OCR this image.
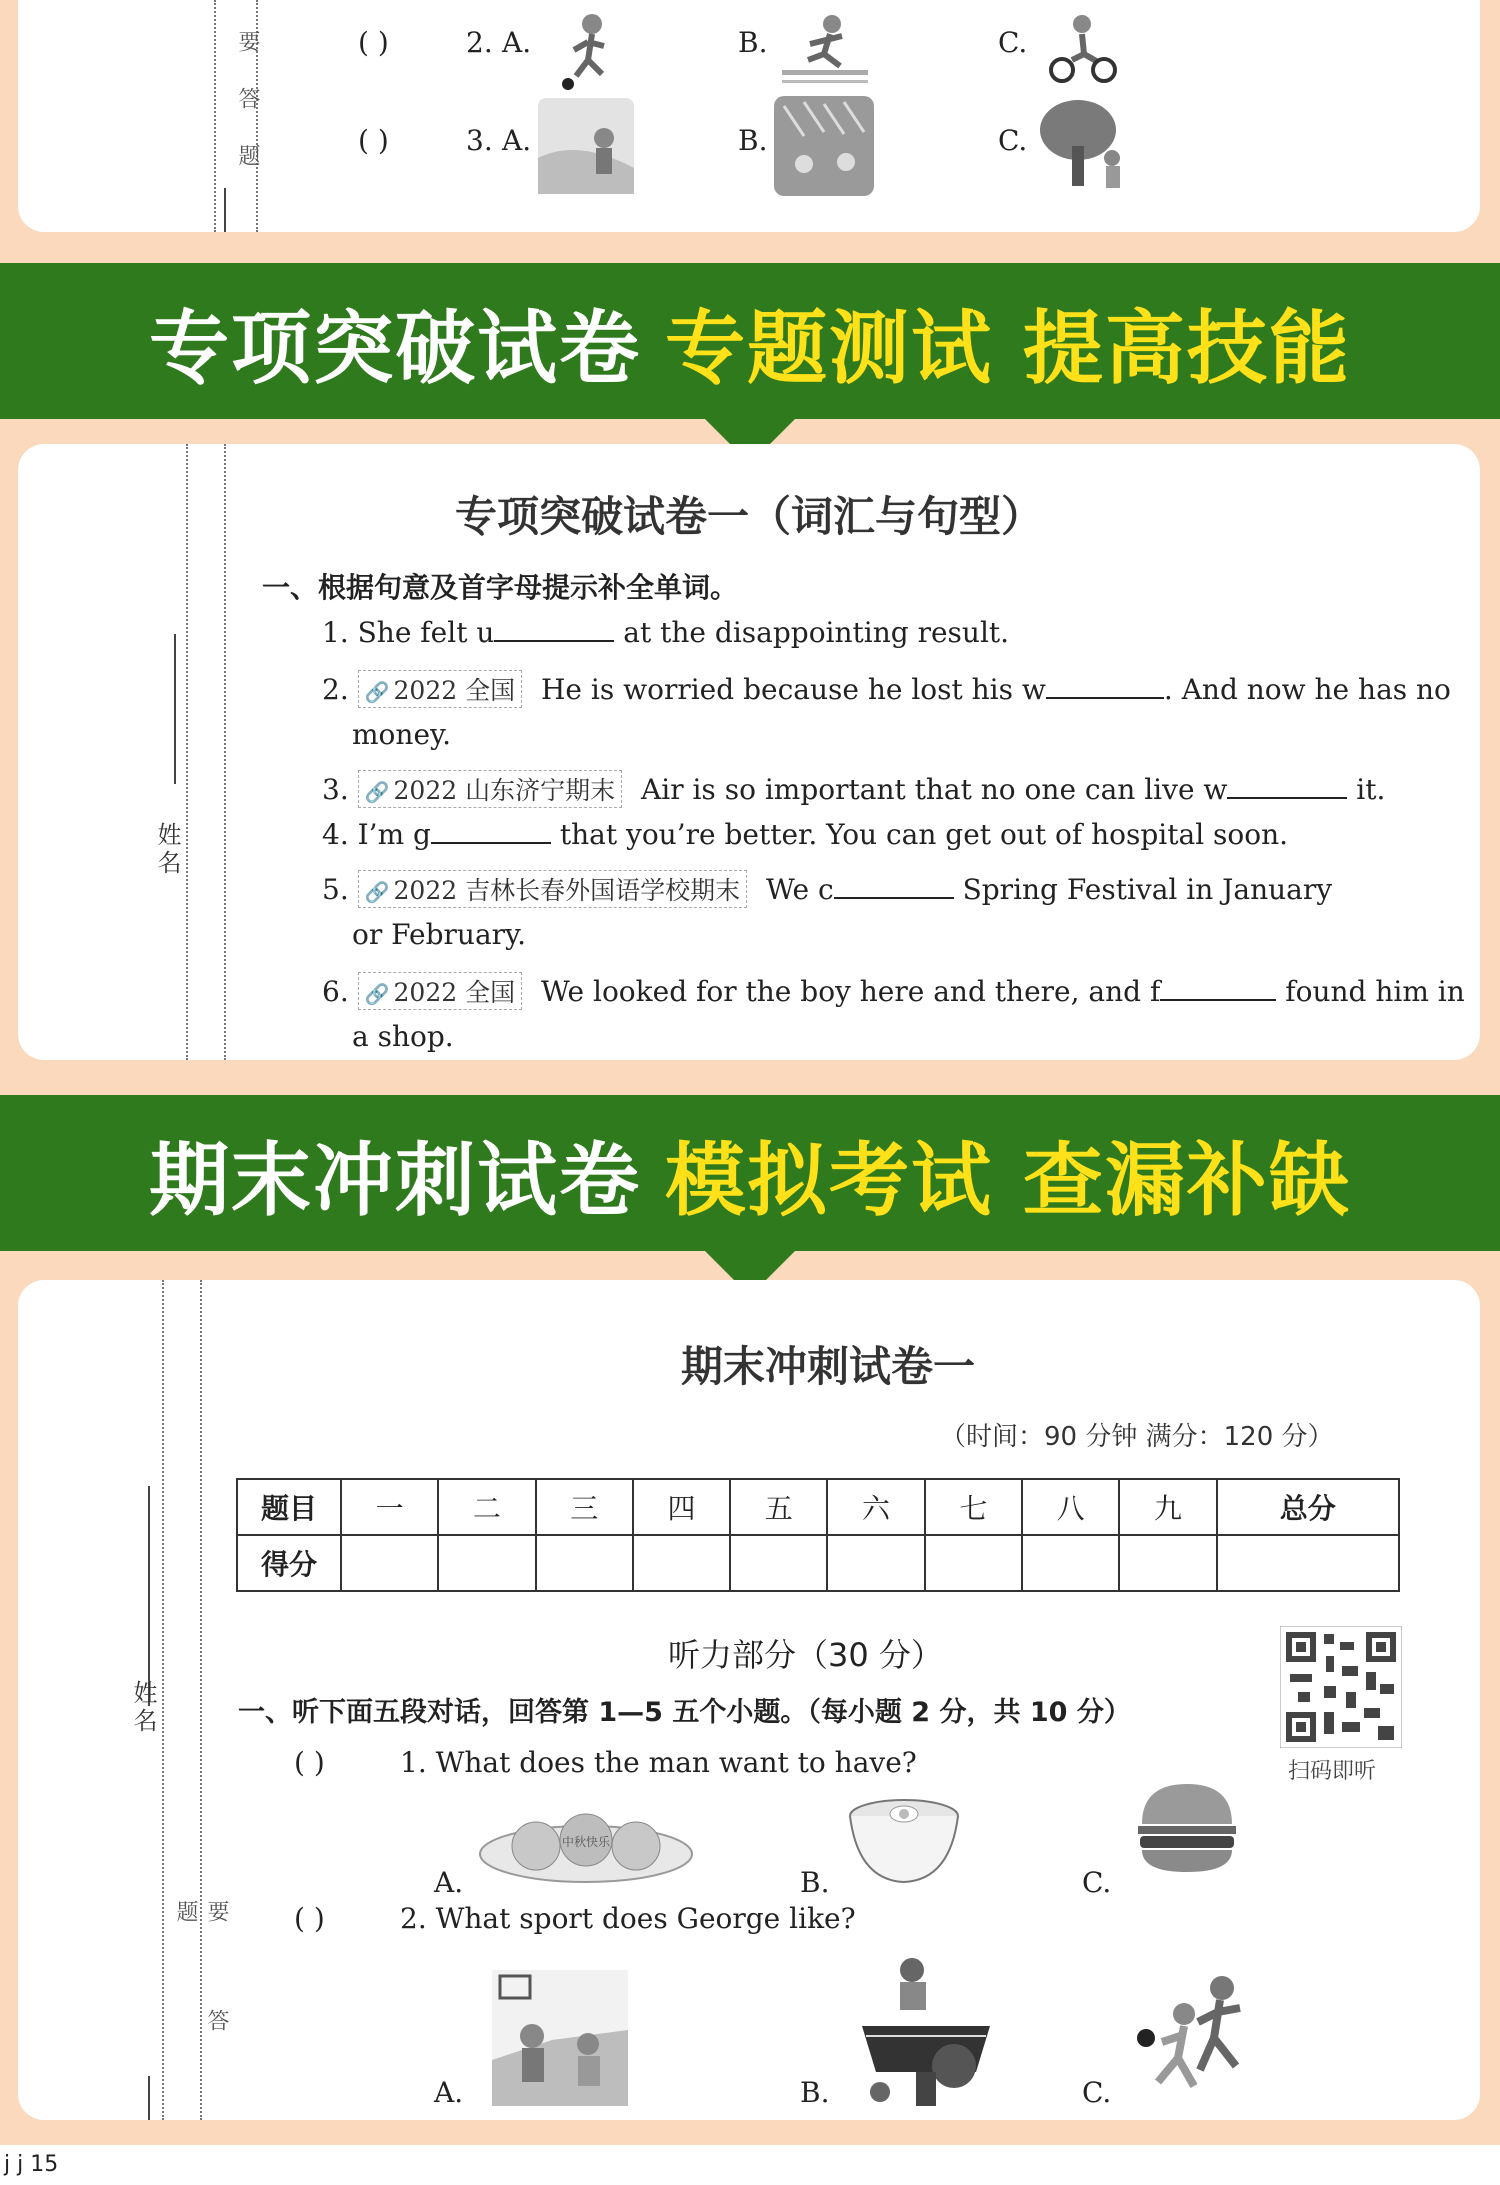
要 答 题	( )	2. A.	B.	C.
( )	3. A.	B.	C.
专项突破试卷 专题测试 提高技能
姓名
专项突破试卷一（词汇与句型）
一、根据句意及首字母提示补全单词。
1. She felt u	at the disappointing result.
2. 🔗 2022 全国 He is worried because he lost his w	. And now he has no
money.
3. 🔗 2022 山东济宁期末 Air is so important that no one can live w	it.
4. I’m g	that you’re better. You can get out of hospital soon.
5. 🔗 2022 吉林长春外国语学校期末 We c	Spring Festival in January
or February.
6. 🔗 2022 全国 We looked for the boy here and there, and f	found him in
a shop.
期末冲刺试卷 模拟考试 查漏补缺
姓名
要 答 题
期末冲刺试卷一
（时间：90 分钟 满分：120 分）
题目	一	二	三	四	五	六	七	八	九	总分
得分										
听力部分（30 分）
一、听下面五段对话，回答第 1—5 五个小题。（每小题 2 分，共 10 分）
扫码即听
( )	1. What does the man want to have?
A.
中秋快乐
B.	C.
( )	2. What sport does George like?
A.	B.	C.
j j 15
